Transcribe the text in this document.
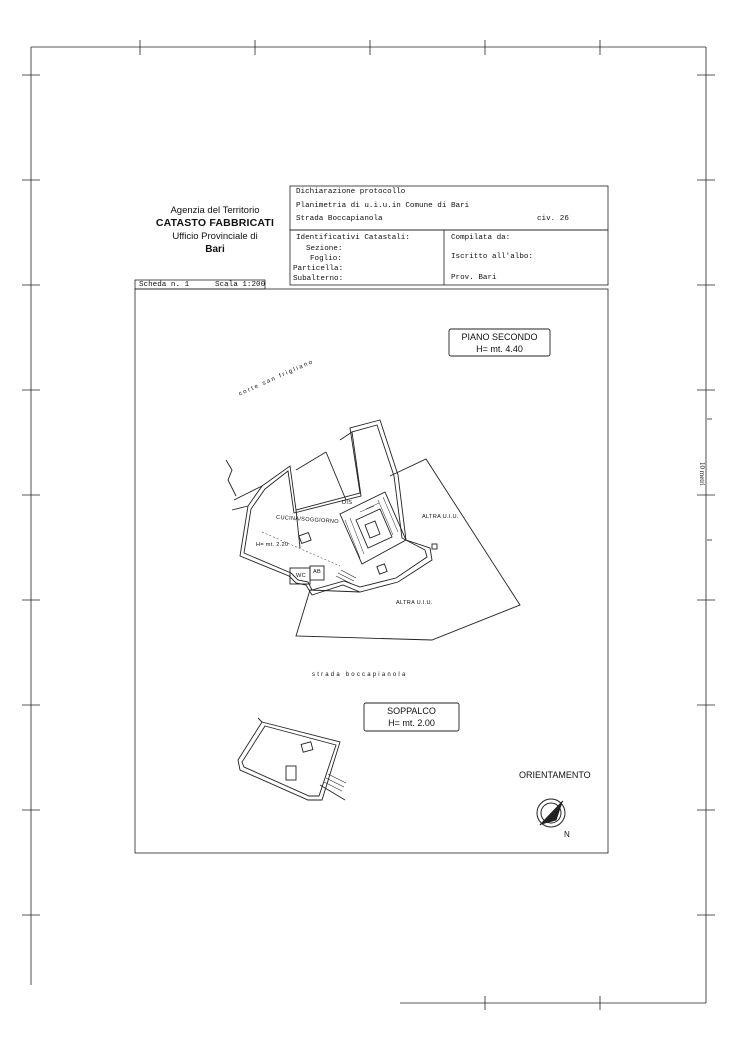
Agenzia del Territorio
CATASTO FABBRICATI
Ufficio Provinciale di
Bari
Dichiarazione protocollo
Planimetria di u.i.u.in Comune di Bari
Strada Boccapianola	civ. 26
Identificativi Catastali:
Sezione:
Foglio:
Particella:
Subalterno:
Compilata da:
Iscritto all'albo:
Prov. Bari
Scheda n. 1	Scala 1:200
PIANO SECONDO
H= mt. 4.40
SOPPALCO
H= mt. 2.00
corte san frigliano
CUCINA/SOGGIORNO
H= mt. 2.20
DIS
WC
AB
ALTRA U.I.U.
ALTRA U.I.U.
strada boccapianola
ORIENTAMENTO
N
10 metri
